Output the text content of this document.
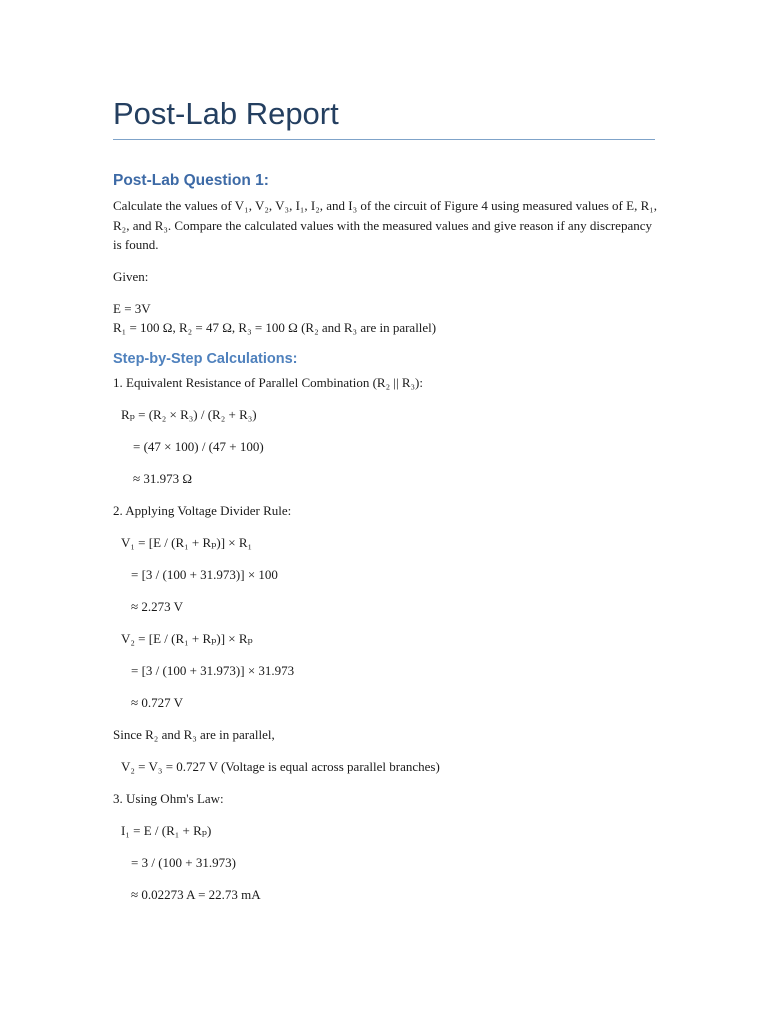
Post-Lab Report
Post-Lab Question 1:

Calculate the values of V₁, V₂, V₃, I₁, I₂, and I₃ of the circuit of Figure 4 using measured values of E, R₁, R₂, and R₃. Compare the calculated values with the measured values and give reason if any discrepancy is found.

Given:

E = 3V

R₁ = 100 Ω, R₂ = 47 Ω, R₃ = 100 Ω (R₂ and R₃ are in parallel)

Step-by-Step Calculations:

1. Equivalent Resistance of Parallel Combination (R₂ || R₃):

Rₚ = (R₂ × R₃) / (R₂ + R₃)

= (47 × 100) / (47 + 100)

≈ 31.973 Ω

2. Applying Voltage Divider Rule:

V₁ = [E / (R₁ + Rₚ)] × R₁

= [3 / (100 + 31.973)] × 100

≈ 2.273 V

V₂ = [E / (R₁ + Rₚ)] × Rₚ

= [3 / (100 + 31.973)] × 31.973

≈ 0.727 V

Since R₂ and R₃ are in parallel,

V₂ = V₃ = 0.727 V (Voltage is equal across parallel branches)

3. Using Ohm's Law:

I₁ = E / (R₁ + Rₚ)

= 3 / (100 + 31.973)

≈ 0.02273 A = 22.73 mA
